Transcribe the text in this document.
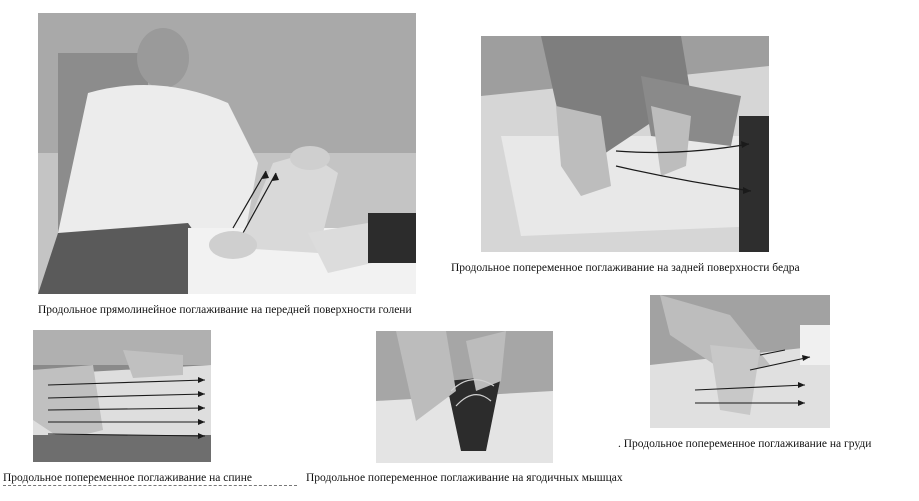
Продольное прямолинейное поглаживание на передней поверхности голени
Продольное попеременное поглаживание на задней поверхности бедра
Продольное попеременное поглаживание на спине	Продольное попеременное поглаживание на ягодичных мышцах
. Продольное попеременное поглаживание на груди
